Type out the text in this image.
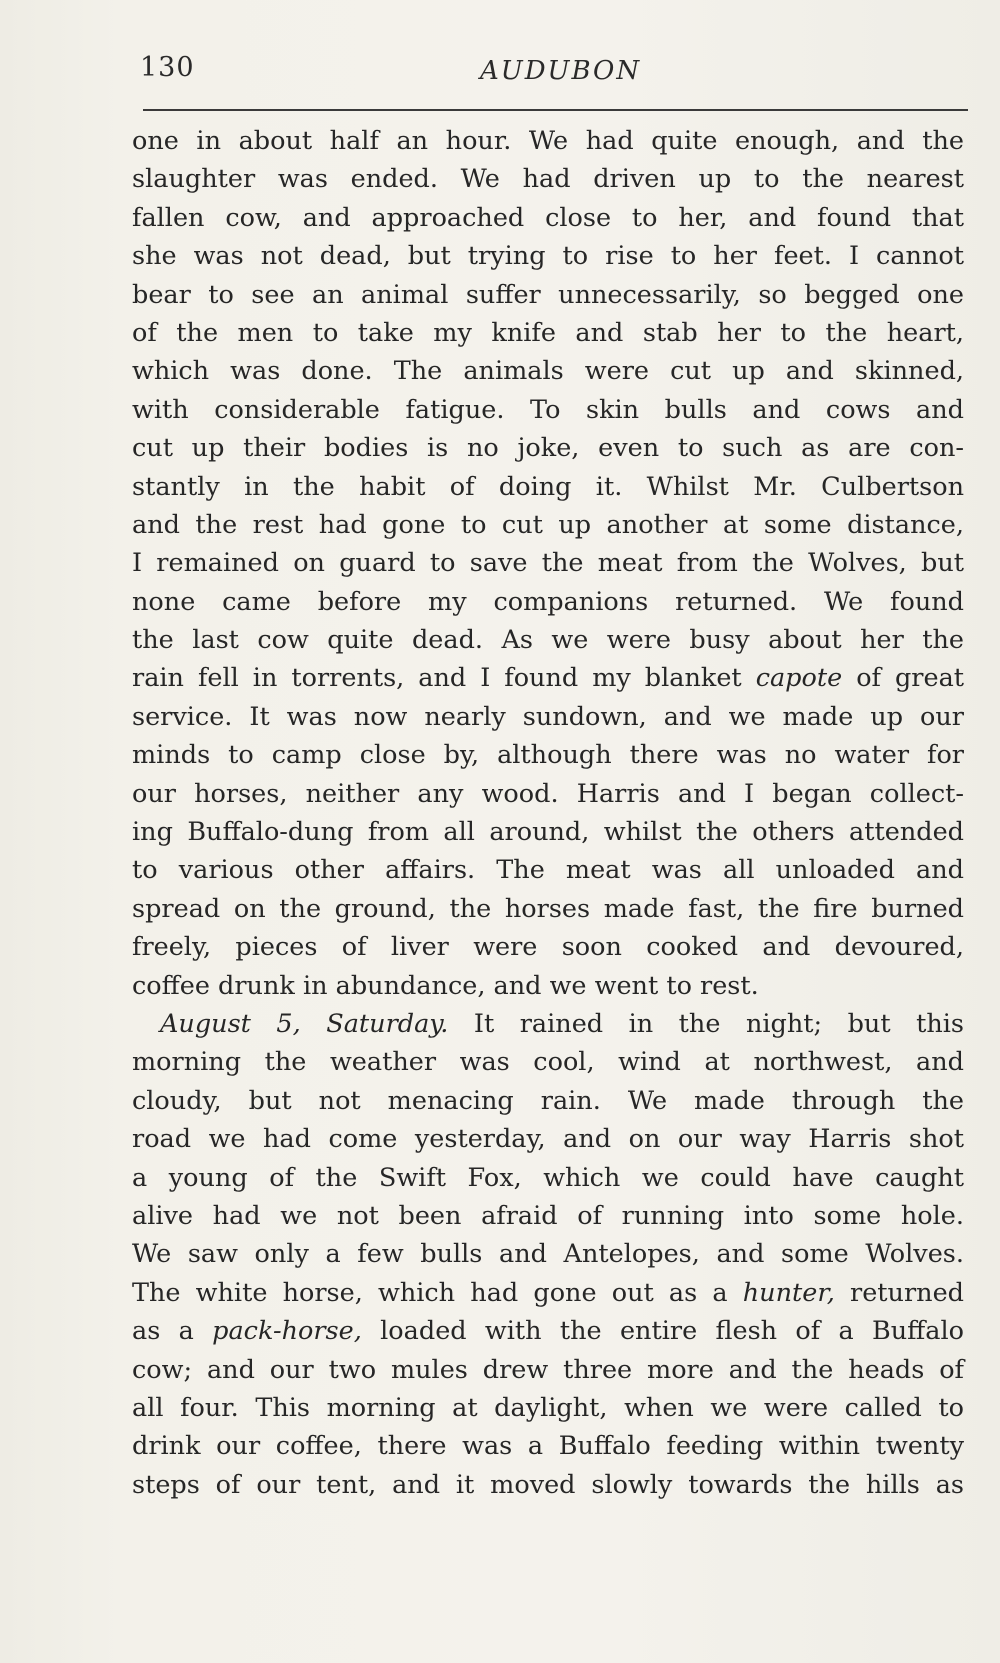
130	AUDUBON
one in about half an hour. We had quite enough, and the
slaughter was ended. We had driven up to the nearest
fallen cow, and approached close to her, and found that
she was not dead, but trying to rise to her feet. I cannot
bear to see an animal suffer unnecessarily, so begged one
of the men to take my knife and stab her to the heart,
which was done. The animals were cut up and skinned,
with considerable fatigue. To skin bulls and cows and
cut up their bodies is no joke, even to such as are con-
stantly in the habit of doing it. Whilst Mr. Culbertson
and the rest had gone to cut up another at some distance,
I remained on guard to save the meat from the Wolves, but
none came before my companions returned. We found
the last cow quite dead. As we were busy about her the
rain fell in torrents, and I found my blanket capote of great
service. It was now nearly sundown, and we made up our
minds to camp close by, although there was no water for
our horses, neither any wood. Harris and I began collect-
ing Buffalo-dung from all around, whilst the others attended
to various other affairs. The meat was all unloaded and
spread on the ground, the horses made fast, the fire burned
freely, pieces of liver were soon cooked and devoured,
coffee drunk in abundance, and we went to rest.
August 5, Saturday. It rained in the night; but this
morning the weather was cool, wind at northwest, and
cloudy, but not menacing rain. We made through the
road we had come yesterday, and on our way Harris shot
a young of the Swift Fox, which we could have caught
alive had we not been afraid of running into some hole.
We saw only a few bulls and Antelopes, and some Wolves.
The white horse, which had gone out as a hunter, returned
as a pack-horse, loaded with the entire flesh of a Buffalo
cow; and our two mules drew three more and the heads of
all four. This morning at daylight, when we were called to
drink our coffee, there was a Buffalo feeding within twenty
steps of our tent, and it moved slowly towards the hills as
